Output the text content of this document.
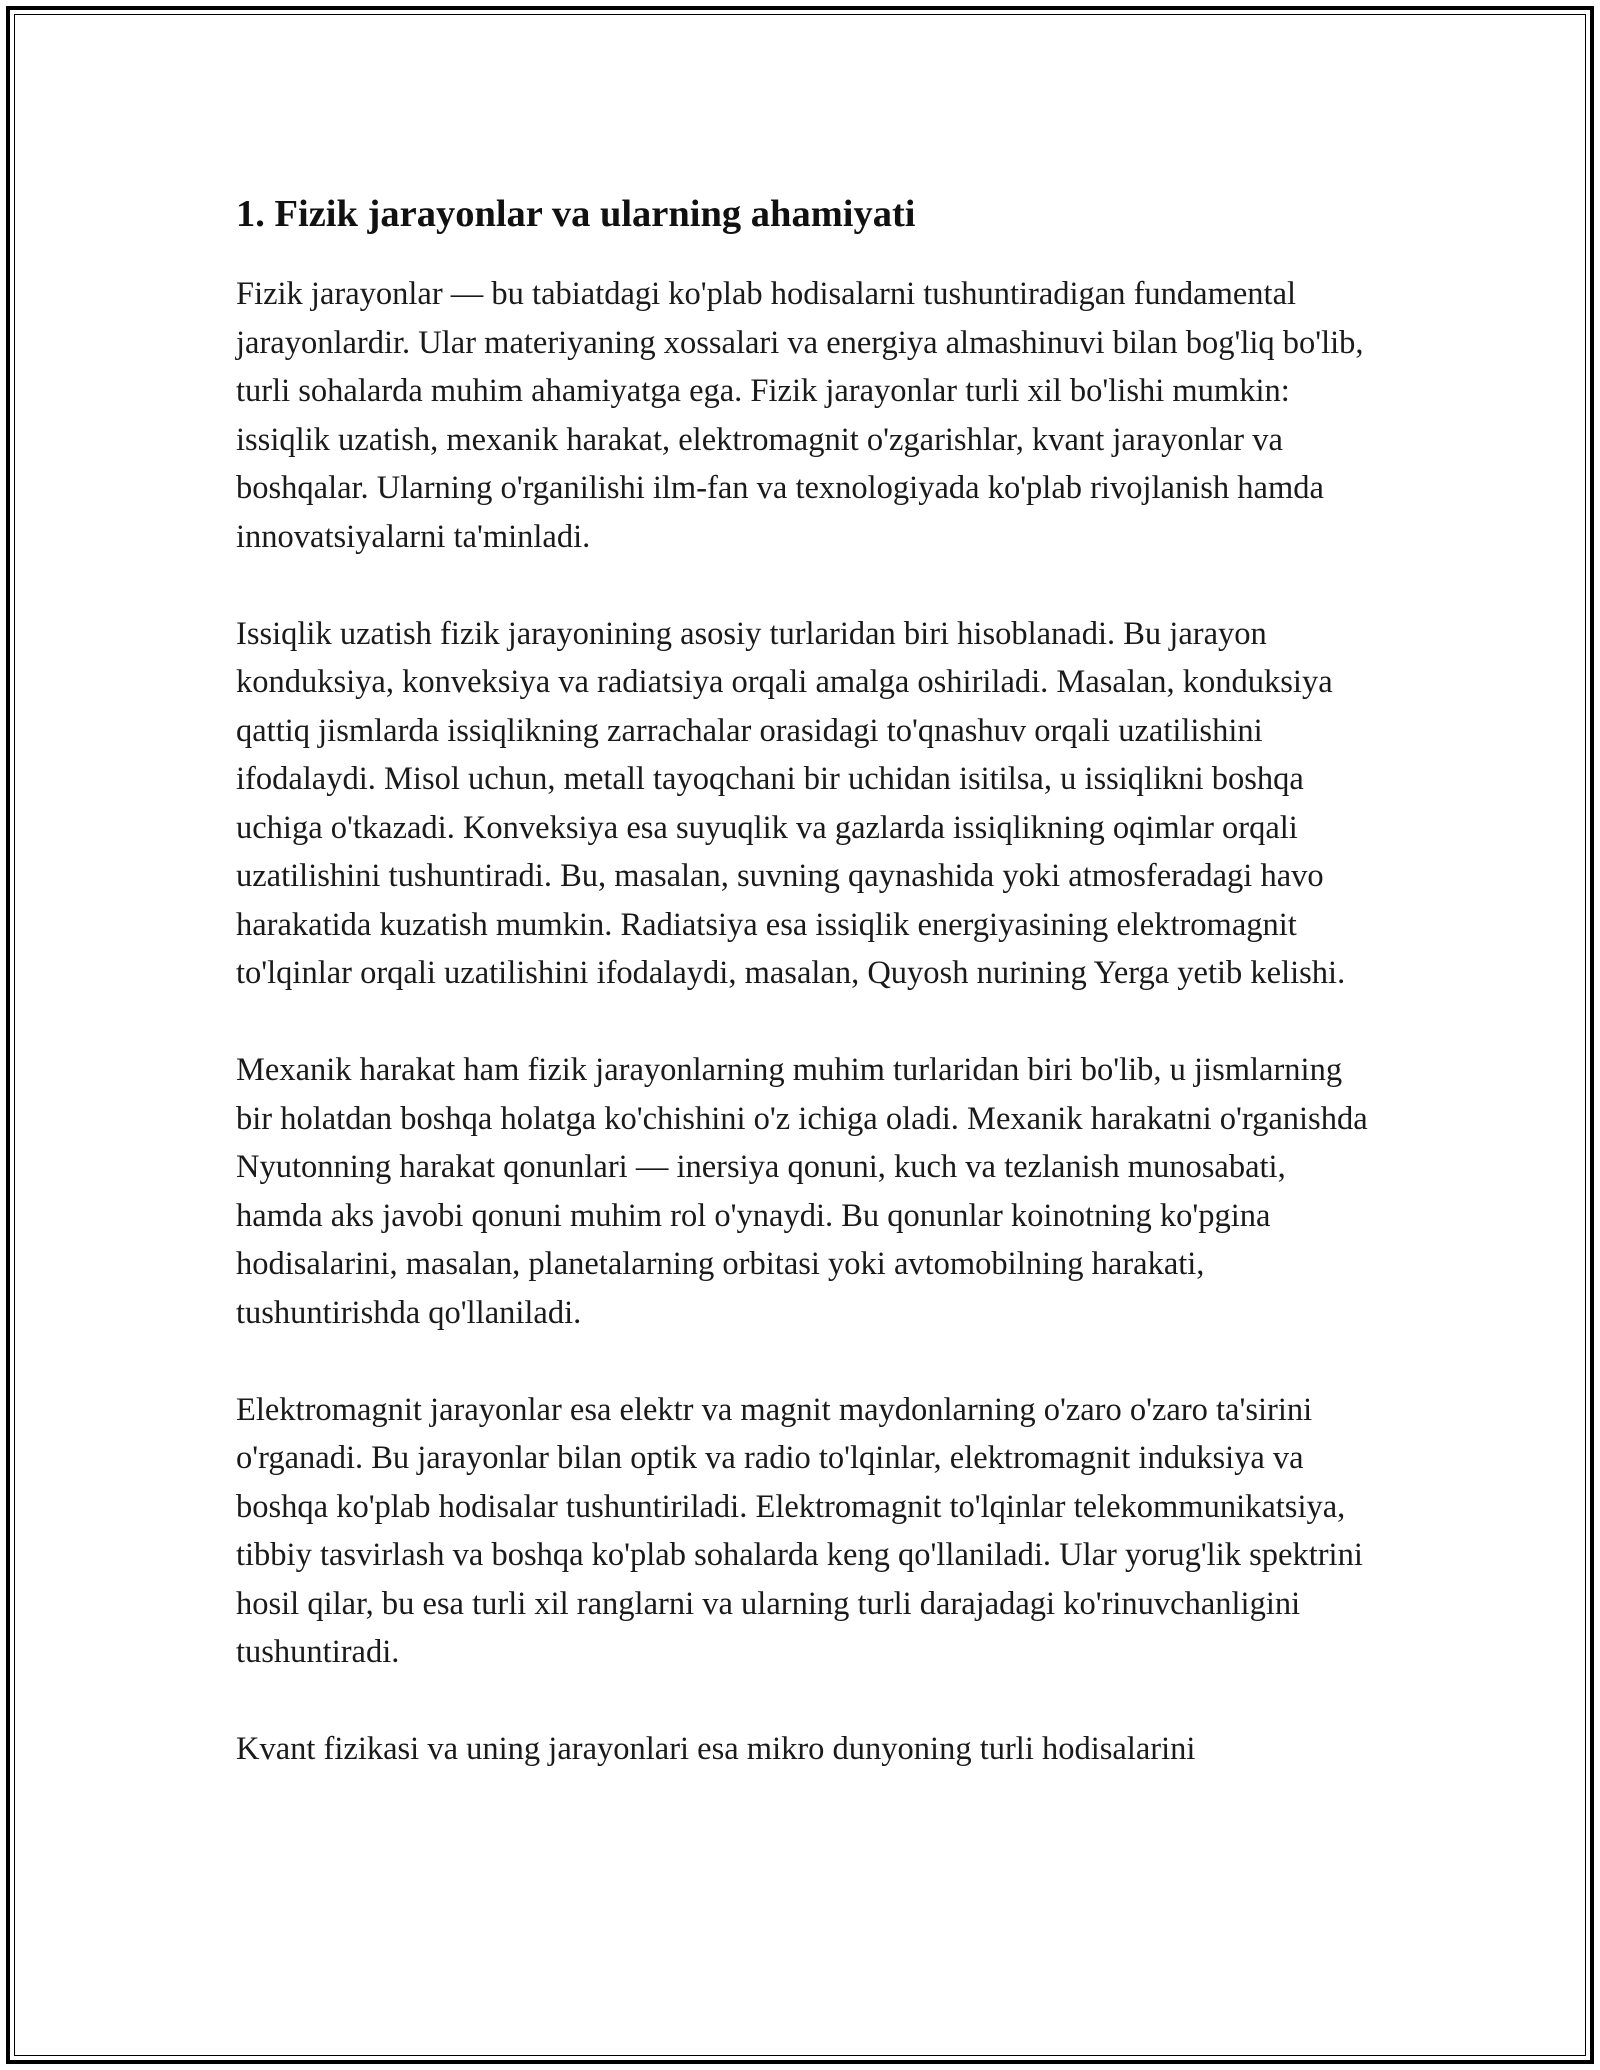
1. Fizik jarayonlar va ularning ahamiyati

Fizik jarayonlar — bu tabiatdagi ko'plab hodisalarni tushuntiradigan fundamental jarayonlardir. Ular materiyaning xossalari va energiya almashinuvi bilan bog'liq bo'lib, turli sohalarda muhim ahamiyatga ega. Fizik jarayonlar turli xil bo'lishi mumkin: issiqlik uzatish, mexanik harakat, elektromagnit o'zgarishlar, kvant jarayonlar va boshqalar. Ularning o'rganilishi ilm-fan va texnologiyada ko'plab rivojlanish hamda innovatsiyalarni ta'minladi.

Issiqlik uzatish fizik jarayonining asosiy turlaridan biri hisoblanadi. Bu jarayon konduksiya, konveksiya va radiatsiya orqali amalga oshiriladi. Masalan, konduksiya qattiq jismlarda issiqlikning zarrachalar orasidagi to'qnashuv orqali uzatilishini ifodalaydi. Misol uchun, metall tayoqchani bir uchidan isitilsa, u issiqlikni boshqa uchiga o'tkazadi. Konveksiya esa suyuqlik va gazlarda issiqlikning oqimlar orqali uzatilishini tushuntiradi. Bu, masalan, suvning qaynashida yoki atmosferadagi havo harakatida kuzatish mumkin. Radiatsiya esa issiqlik energiyasining elektromagnit to'lqinlar orqali uzatilishini ifodalaydi, masalan, Quyosh nurining Yerga yetib kelishi.

Mexanik harakat ham fizik jarayonlarning muhim turlaridan biri bo'lib, u jismlarning bir holatdan boshqa holatga ko'chishini o'z ichiga oladi. Mexanik harakatni o'rganishda Nyutonning harakat qonunlari — inersiya qonuni, kuch va tezlanish munosabati, hamda aks javobi qonuni muhim rol o'ynaydi. Bu qonunlar koinotning ko'pgina hodisalarini, masalan, planetalarning orbitasi yoki avtomobilning harakati, tushuntirishda qo'llaniladi.

Elektromagnit jarayonlar esa elektr va magnit maydonlarning o'zaro o'zaro ta'sirini o'rganadi. Bu jarayonlar bilan optik va radio to'lqinlar, elektromagnit induksiya va boshqa ko'plab hodisalar tushuntiriladi. Elektromagnit to'lqinlar telekommunikatsiya, tibbiy tasvirlash va boshqa ko'plab sohalarda keng qo'llaniladi. Ular yorug'lik spektrini hosil qilar, bu esa turli xil ranglarni va ularning turli darajadagi ko'rinuvchanligini tushuntiradi.

Kvant fizikasi va uning jarayonlari esa mikro dunyoning turli hodisalarini
